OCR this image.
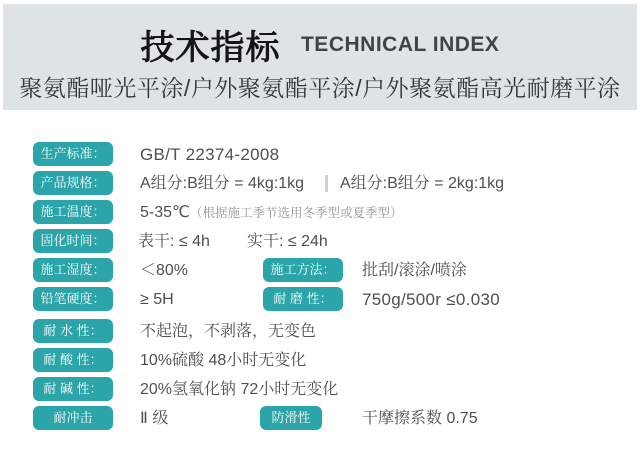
技术指标 TECHNICAL INDEX
聚氨酯哑光平涂/户外聚氨酯平涂/户外聚氨酯高光耐磨平涂
生产标准：	GB/T 22374-2008
产品规格：	A组分:B组分 = 4kg:1kg A组分:B组分 = 2kg:1kg
施工温度：	5-35℃（根据施工季节选用冬季型或夏季型）
固化时间：	表干: ≤ 4h 实干: ≤ 24h
施工湿度：	＜80%	施工方法：	批刮/滚涂/喷涂
铅笔硬度：	≥ 5H	耐 磨 性：	750g/500r ≤0.030
耐 水 性：	不起泡，不剥落，无变色
耐 酸 性：	10%硫酸 48小时无变化
耐 碱 性：	20%氢氧化钠 72小时无变化
耐冲击	Ⅱ 级	防滑性	干摩擦系数 0.75
